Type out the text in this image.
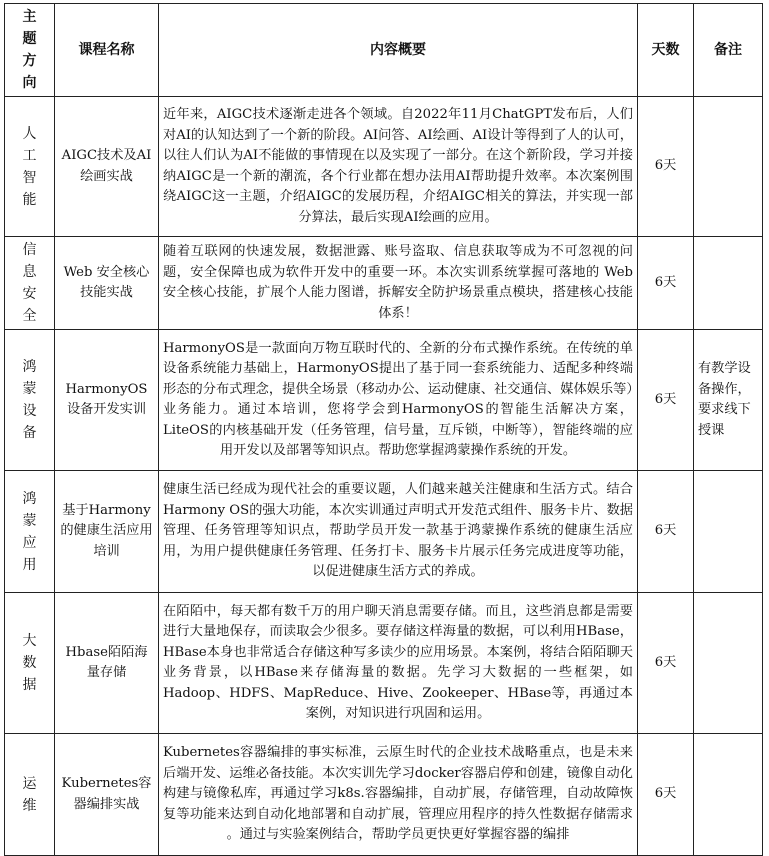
主题方向	课程名称	内容概要	天数	备注

人工智能	AIGC技术及AI绘画实战	近年来，AIGC技术逐渐走进各个领域。自2022年11月ChatGPT发布后，人们对AI的认知达到了一个新的阶段。AI问答、AI绘画、AI设计等得到了人的认可，以往人们认为AI不能做的事情现在以及实现了一部分。在这个新阶段，学习并接纳AIGC是一个新的潮流，各个行业都在想办法用AI帮助提升效率。本次案例围绕AIGC这一主题，介绍AIGC的发展历程，介绍AIGC相关的算法，并实现一部分算法，最后实现AI绘画的应用。	6天	

信息安全	Web 安全核心技能实战	随着互联网的快速发展，数据泄露、账号盗取、信息获取等成为不可忽视的问题，安全保障也成为软件开发中的重要一环。本次实训系统掌握可落地的 Web 安全核心技能，扩展个人能力图谱，拆解安全防护场景重点模块，搭建核心技能体系！	6天	

鸿蒙设备	HarmonyOS设备开发实训	HarmonyOS是一款面向万物互联时代的、全新的分布式操作系统。在传统的单设备系统能力基础上，HarmonyOS提出了基于同一套系统能力、适配多种终端形态的分布式理念，提供全场景（移动办公、运动健康、社交通信、媒体娱乐等）业务能力。通过本培训，您将学会到HarmonyOS的智能生活解决方案，LiteOS的内核基础开发（任务管理，信号量，互斥锁，中断等），智能终端的应用开发以及部署等知识点。帮助您掌握鸿蒙操作系统的开发。	6天	有教学设备操作，要求线下授课

鸿蒙应用	基于Harmony的健康生活应用培训	健康生活已经成为现代社会的重要议题，人们越来越关注健康和生活方式。结合Harmony OS的强大功能，本次实训通过声明式开发范式组件、服务卡片、数据管理、任务管理等知识点，帮助学员开发一款基于鸿蒙操作系统的健康生活应用，为用户提供健康任务管理、任务打卡、服务卡片展示任务完成进度等功能，以促进健康生活方式的养成。	6天	

大数据	Hbase陌陌海量存储	在陌陌中，每天都有数千万的用户聊天消息需要存储。而且，这些消息都是需要进行大量地保存，而读取会少很多。要存储这样海量的数据，可以利用HBase，HBase本身也非常适合存储这种写多读少的应用场景。本案例，将结合陌陌聊天业务背景，以HBase来存储海量的数据。先学习大数据的一些框架，如Hadoop、HDFS、MapReduce、Hive、Zookeeper、HBase等，再通过本案例，对知识进行巩固和运用。	6天	

运维	Kubernetes容器编排实战	Kubernetes容器编排的事实标准，云原生时代的企业技术战略重点，也是未来后端开发、运维必备技能。本次实训先学习docker容器启停和创建，镜像自动化构建与镜像私库，再通过学习k8s.容器编排，自动扩展，存储管理，自动故障恢复等功能来达到自动化地部署和自动扩展，管理应用程序的持久性数据存储需求 。通过与实验案例结合，帮助学员更快更好掌握容器的编排	6天	
